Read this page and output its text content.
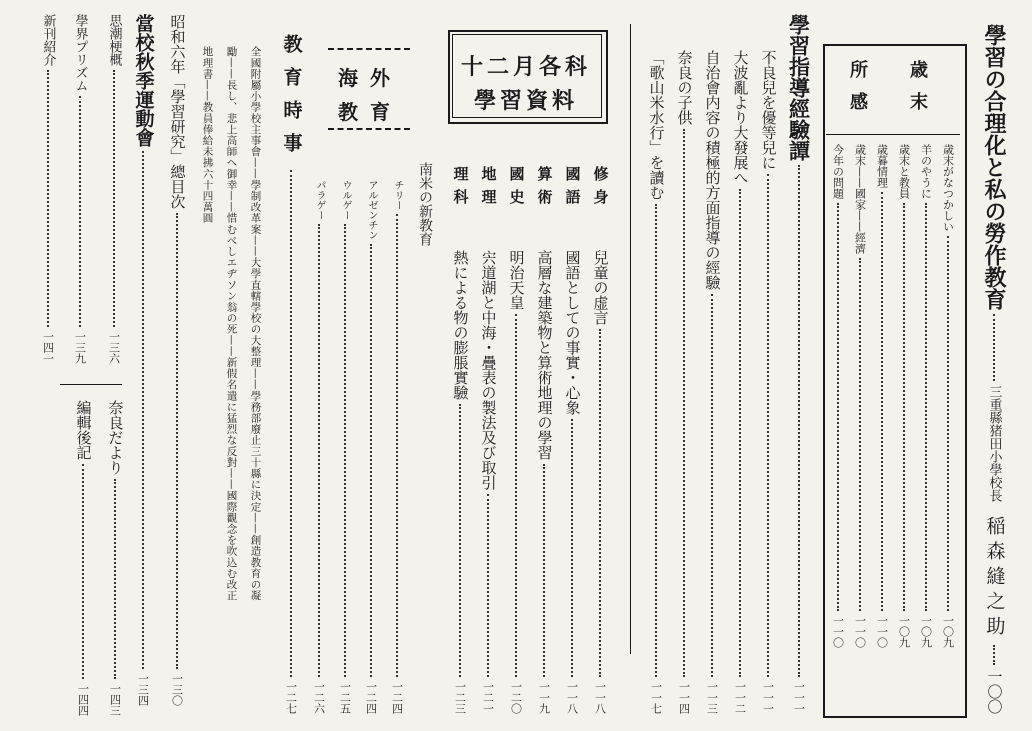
學習の合理化と私の勞作教育
三重縣猪田小學校長
稲森縫之助
一〇〇
歳末
所感
歳末がなつかしい
一〇九
羊のやうに
一〇九
歳末と教員
一〇九
歳暮情理
一一〇
歳末——國家——經濟
一一〇
今年の問題
一一〇
學習指導經驗譚
一一一
不良兒を優等兒に
一一一
大波亂より大發展へ
一一二
自治會内容の積極的方面指導の經驗
一一三
奈良の子供
一一四
「歌山米水行」を讀む
一一七
十二月各科
學習資料
修身
兒童の虚言
一一八
國語
國語としての事實・心象
一一八
算術
高層な建築物と算術地理の學習
一一九
國史
明治天皇
一二〇
地理
宍道湖と中海・疊表の製法及び取引
一二一
理科
熱による物の膨脹實驗
一二三
海外
教育
南米の新教育
チリー
一二四
アルゼンチン
一二四
ウルゲー
一二五
パラゲー
一二六
教育時事
一二七
全國附屬小學校主事會——學制改革案——大學直轄學校の大整理——學務部廢止三十縣に決定——創造教育の凝
勵——長し、悲上高師へ御幸——惜むべしエヂソン翁の死——新假名遣に猛烈な反對——國際觀念を吹込む改正
地理書——教員俸給未拂六十四萬圓
昭和六年「學習研究」總目次
一三〇
當校秋季運動會
一三四
思潮梗概
一三六
學界プリズム
一三九
新刊紹介
一四一
奈良だより
一四三
編輯後記
一四四
